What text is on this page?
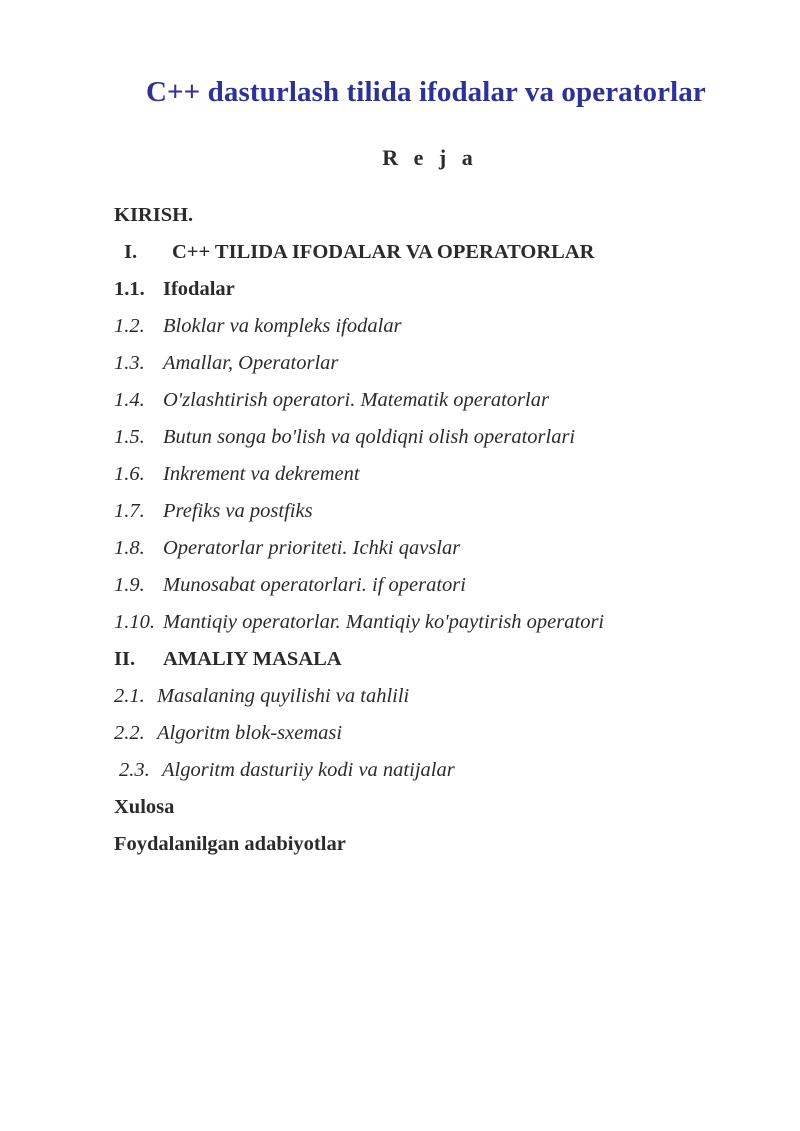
C++ dasturlash tilida ifodalar va operatorlar
R e j a
KIRISH.
I. C++ TILIDA IFODALAR VA OPERATORLAR
1.1. Ifodalar
1.2. Bloklar va kompleks ifodalar
1.3. Amallar, Operatorlar
1.4. O'zlashtirish operatori. Matematik operatorlar
1.5. Butun songa bo'lish va qoldiqni olish operatorlari
1.6. Inkrement va dekrement
1.7. Prefiks va postfiks
1.8. Operatorlar prioriteti. Ichki qavslar
1.9. Munosabat operatorlari. if operatori
1.10. Mantiqiy operatorlar. Mantiqiy ko'paytirish operatori
II. AMALIY MASALA
2.1. Masalaning quyilishi va tahlili
2.2. Algoritm blok-sxemasi
2.3. Algoritm dasturiiy kodi va natijalar
Xulosa
Foydalanilgan adabiyotlar
